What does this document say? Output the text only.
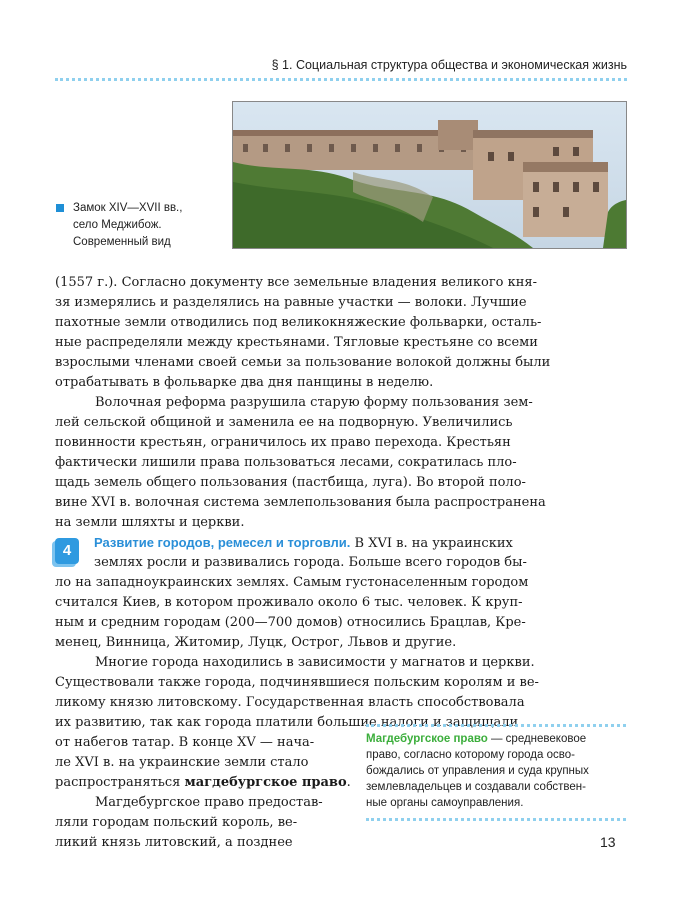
§ 1. Социальная структура общества и экономическая жизнь
Замок XIV—XVII вв.,
село Меджибож.
Современный вид
(1557 г.). Согласно документу все земельные владения великого кня-
зя измерялись и разделялись на равные участки — волоки. Лучшие
пахотные земли отводились под великокняжеские фольварки, осталь-
ные распределяли между крестьянами. Тягловые крестьяне со всеми
взрослыми членами своей семьи за пользование волокой должны были
отрабатывать в фольварке два дня панщины в неделю.
Волочная реформа разрушила старую форму пользования зем-
лей сельской общиной и заменила ее на подворную. Увеличились
повинности крестьян, ограничилось их право перехода. Крестьян
фактически лишили права пользоваться лесами, сократилась пло-
щадь земель общего пользования (пастбища, луга). Во второй поло-
вине XVI в. волочная система землепользования была распространена
на земли шляхты и церкви.
4	Развитие городов, ремесел и торговли. В XVI в. на украинских
землях росли и развивались города. Больше всего городов бы-
ло на западноукраинских землях. Самым густонаселенным городом
считался Киев, в котором проживало около 6 тыс. человек. К круп-
ным и средним городам (200—700 домов) относились Брацлав, Кре-
менец, Винница, Житомир, Луцк, Острог, Львов и другие.
Многие города находились в зависимости у магнатов и церкви.
Существовали также города, подчинявшиеся польским королям и ве-
ликому князю литовскому. Государственная власть способствовала
их развитию, так как города платили большие налоги и защищали
от набегов татар. В конце XV — нача-
ле XVI в. на украинские земли стало
распространяться магдебургское право.
Магдебургское право предостав-
ляли городам польский король, ве-
ликий князь литовский, а позднее
Магдебургское право — средневековое
право, согласно которому города осво-
бождались от управления и суда крупных
землевладельцев и создавали собствен-
ные органы самоуправления.
13
